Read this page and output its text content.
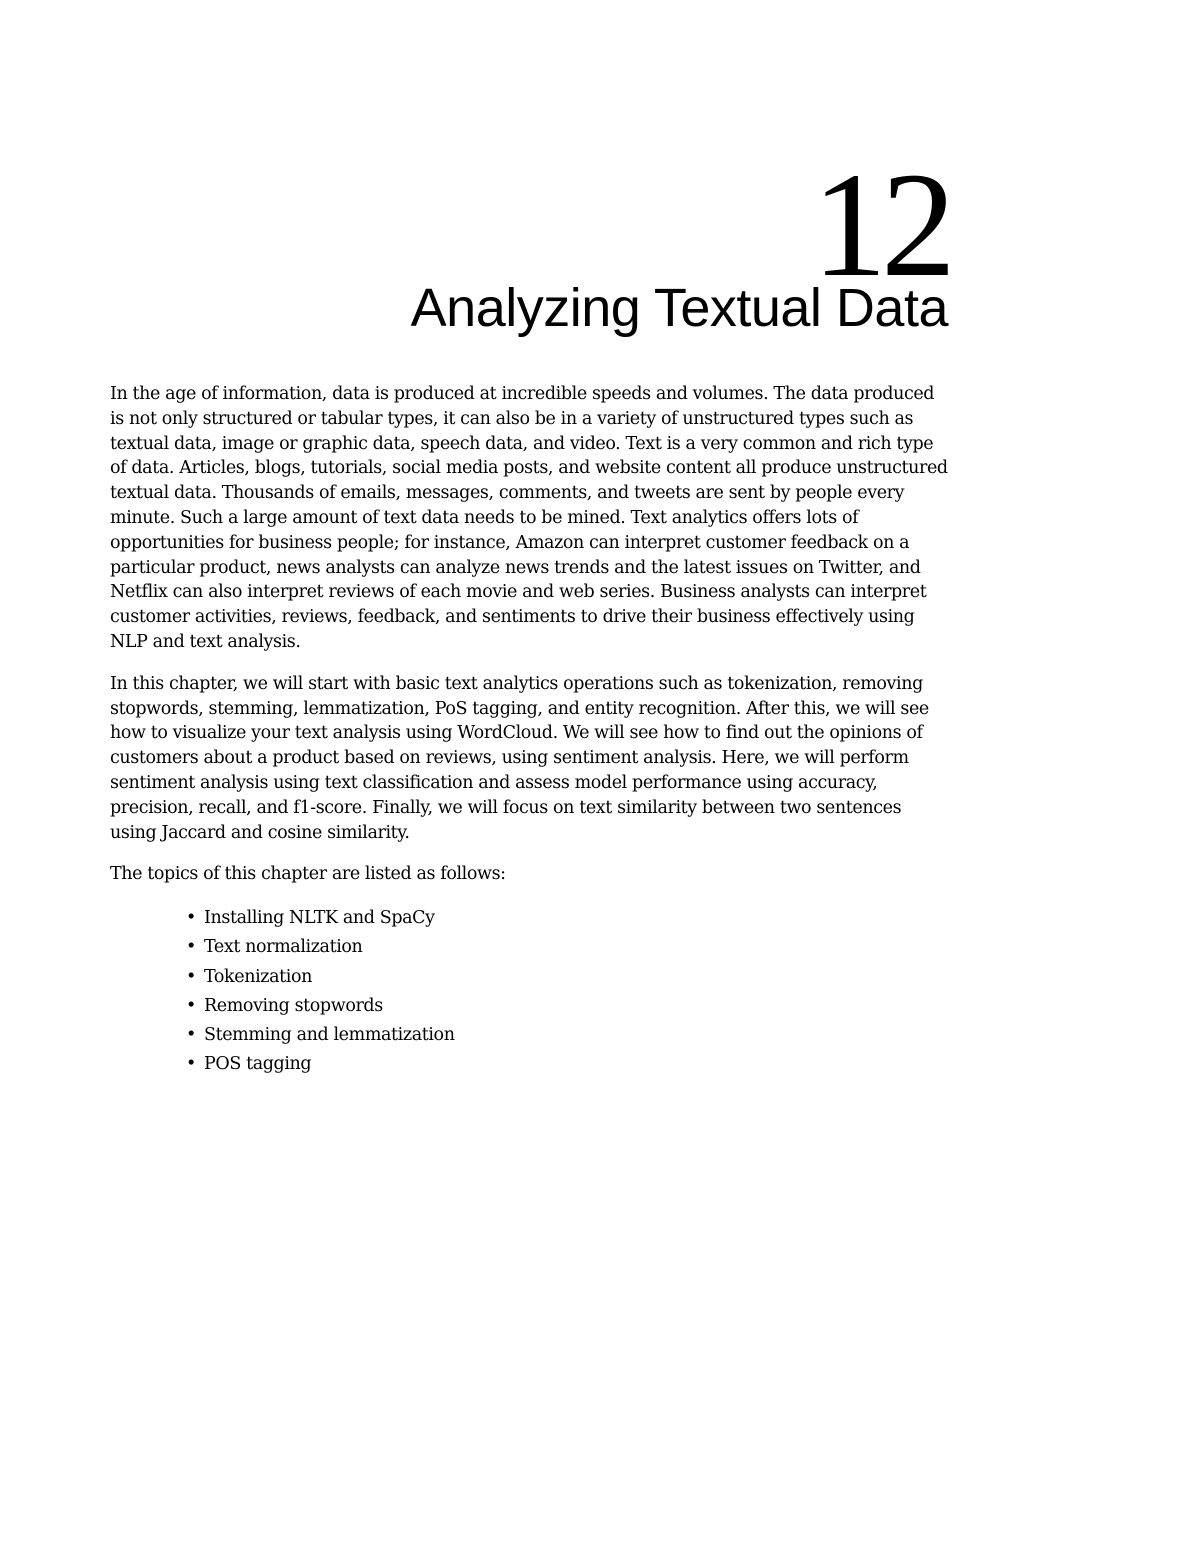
12
Analyzing Textual Data

In the age of information, data is produced at incredible speeds and volumes. The data produced is not only structured or tabular types, it can also be in a variety of unstructured types such as textual data, image or graphic data, speech data, and video. Text is a very common and rich type of data. Articles, blogs, tutorials, social media posts, and website content all produce unstructured textual data. Thousands of emails, messages, comments, and tweets are sent by people every minute. Such a large amount of text data needs to be mined. Text analytics offers lots of opportunities for business people; for instance, Amazon can interpret customer feedback on a particular product, news analysts can analyze news trends and the latest issues on Twitter, and Netflix can also interpret reviews of each movie and web series. Business analysts can interpret customer activities, reviews, feedback, and sentiments to drive their business effectively using NLP and text analysis.

In this chapter, we will start with basic text analytics operations such as tokenization, removing stopwords, stemming, lemmatization, PoS tagging, and entity recognition. After this, we will see how to visualize your text analysis using WordCloud. We will see how to find out the opinions of customers about a product based on reviews, using sentiment analysis. Here, we will perform sentiment analysis using text classification and assess model performance using accuracy, precision, recall, and f1-score. Finally, we will focus on text similarity between two sentences using Jaccard and cosine similarity.

The topics of this chapter are listed as follows:

• Installing NLTK and SpaCy
• Text normalization
• Tokenization
• Removing stopwords
• Stemming and lemmatization
• POS tagging
